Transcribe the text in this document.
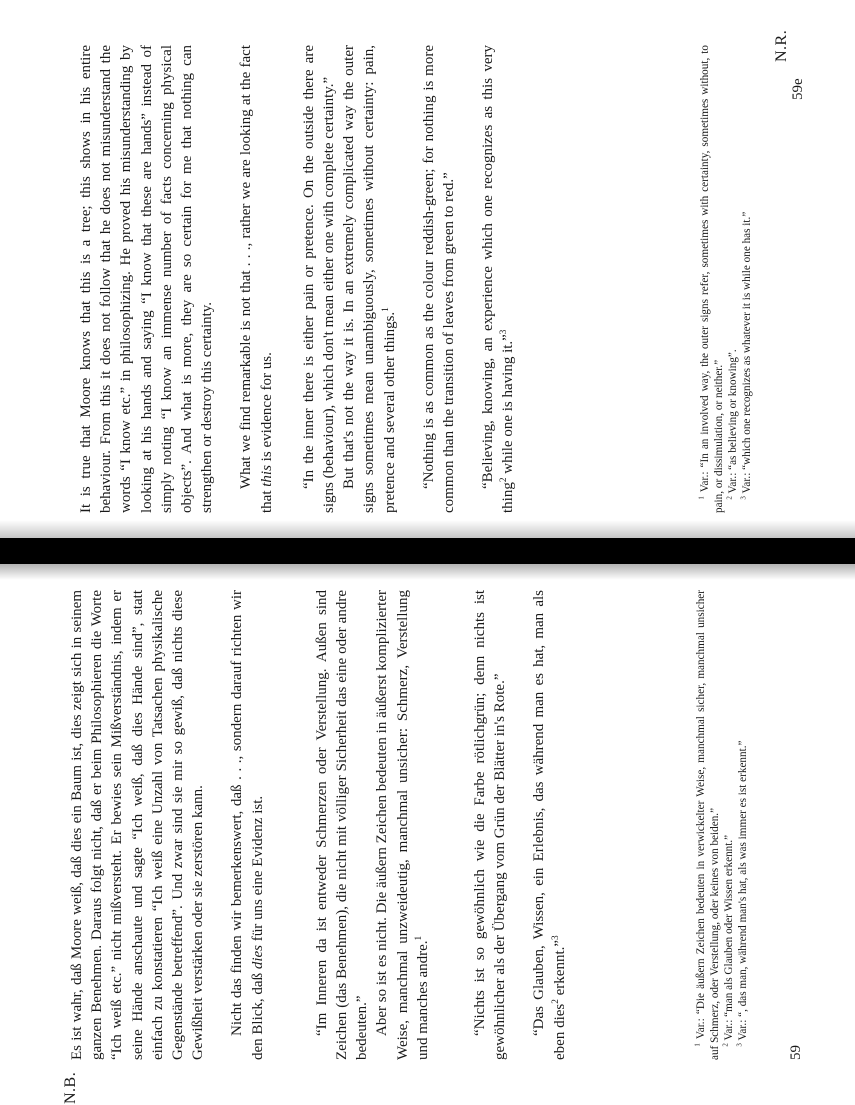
N.B.

Es ist wahr, daß Moore weiß, daß dies ein Baum ist, dies zeigt sich in seinem ganzen Benehmen. Daraus folgt nicht, daß er beim Philosophieren die Worte “Ich weiß etc.” nicht mißversteht. Er bewies sein Mißverständnis, indem er seine Hände anschaute und sagte “Ich weiß, daß dies Hände sind”, statt einfach zu konstatieren “Ich weiß eine Unzahl von Tatsachen physikalische Gegenstände betreffend”. Und zwar sind sie mir so gewiß, daß nichts diese Gewißheit verstärken oder sie zerstören kann. Nicht das finden wir bemerkenswert, daß . . ., sondern darauf richten wir den Blick, daß dies für uns eine Evidenz ist.	“Im Inneren da ist entweder Schmerzen oder Verstellung. Außen sind Zeichen (das Benehmen), die nicht mit völliger Sicherheit das eine oder andre bedeuten.” Aber so ist es nicht. Die äußern Zeichen bedeuten in äußerst komplizierter Weise, manchmal unzweideutig, manchmal unsicher: Schmerz, Verstellung und manches andre.$^1$	“Nichts ist so gewöhnlich wie die Farbe rötlichgrün; denn nichts ist gewöhnlicher als der Übergang vom Grün der Blätter in's Rote.” “Das Glauben, Wissen, ein Erlebnis, das während man es hat, man als eben dies$^2$ erkennt.”$^3$

$^1$ Var.: “Die äußern Zeichen bedeuten in verwickelter Weise, manchmal sicher, manchmal unsicher auf Schmerz, oder Verstellung, oder keines von beiden.” $^2$ Var.: “man als Glauben oder Wissen erkennt.”

$^3$ Var.: “, das man, während man's hat, als was immer es ist erkennt.”

59

It is true that Moore knows that this is a tree; this shows in his entire behaviour. From this it does not follow that he does not misunderstand the words “I know etc.” in philosophizing. He proved his misunderstanding by looking at his hands and saying “I know that these are hands” instead of simply noting “I know an immense number of facts concerning physical objects”. And what is more, they are so certain for me that nothing can strengthen or destroy this certainty. What we find remarkable is not that . . ., rather we are looking at the fact that this is evidence for us. “In the inner there is either pain or pretence. On the outside there are signs (behaviour), which don't mean either one with complete certainty.” But that's not the way it is. In an extremely complicated way the outer signs sometimes mean unambiguously, sometimes without certainty: pain, pretence and several other things.$^1$	“Nothing is as common as the colour reddish-green; for nothing is more common than the transition of leaves from green to red.” “Believing, knowing, an experience which one recognizes as this very thing$^2$ while one is having it.”$^3$

$^1$ Var.: “In an involved way, the outer signs refer, sometimes with certainty, sometimes without, to pain, or dissimulation, or neither.” $^2$ Var.: “as believing or knowing”.

$^3$ Var.: “which one recognizes as whatever it is while one has it.”

N.R.
59e
